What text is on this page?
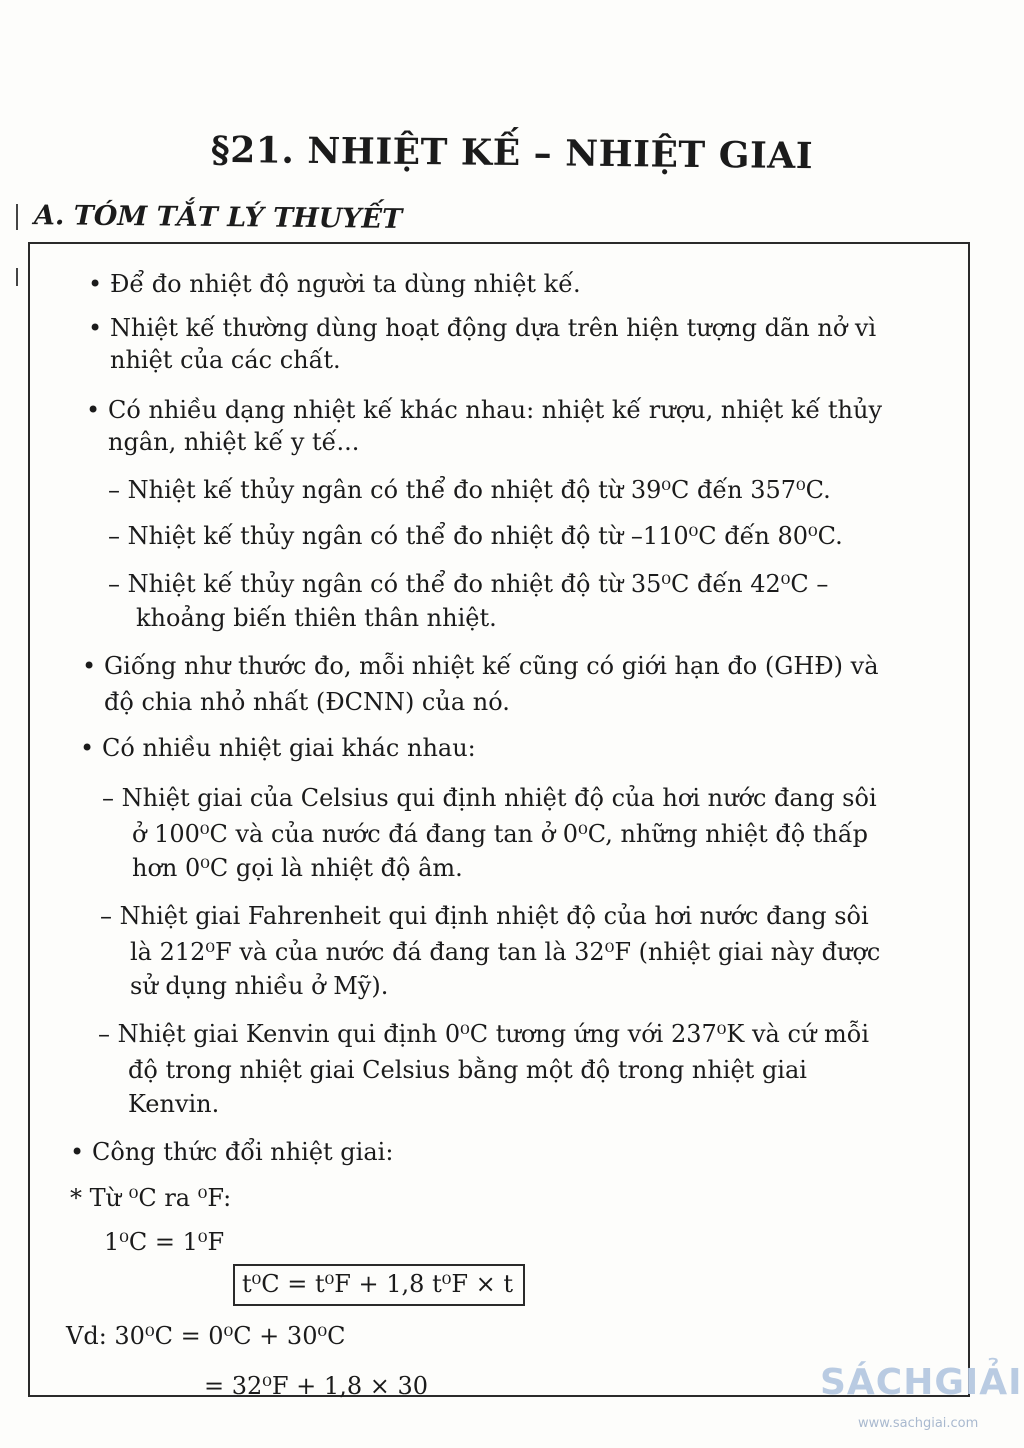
§21. NHIỆT KẾ – NHIỆT GIAI
A. TÓM TẮT LÝ THUYẾT
• Để đo nhiệt độ người ta dùng nhiệt kế.
• Nhiệt kế thường dùng hoạt động dựa trên hiện tượng dãn nở vì
nhiệt của các chất.
• Có nhiều dạng nhiệt kế khác nhau: nhiệt kế rượu, nhiệt kế thủy
ngân, nhiệt kế y tế...
– Nhiệt kế thủy ngân có thể đo nhiệt độ từ 39⁰C đến 357⁰C.
– Nhiệt kế thủy ngân có thể đo nhiệt độ từ –110⁰C đến 80⁰C.
– Nhiệt kế thủy ngân có thể đo nhiệt độ từ 35⁰C đến 42⁰C –
khoảng biến thiên thân nhiệt.
• Giống như thước đo, mỗi nhiệt kế cũng có giới hạn đo (GHĐ) và
độ chia nhỏ nhất (ĐCNN) của nó.
• Có nhiều nhiệt giai khác nhau:
– Nhiệt giai của Celsius qui định nhiệt độ của hơi nước đang sôi
ở 100⁰C và của nước đá đang tan ở 0⁰C, những nhiệt độ thấp
hơn 0⁰C gọi là nhiệt độ âm.
– Nhiệt giai Fahrenheit qui định nhiệt độ của hơi nước đang sôi
là 212⁰F và của nước đá đang tan là 32⁰F (nhiệt giai này được
sử dụng nhiều ở Mỹ).
– Nhiệt giai Kenvin qui định 0⁰C tương ứng với 237⁰K và cứ mỗi
độ trong nhiệt giai Celsius bằng một độ trong nhiệt giai
Kenvin.
• Công thức đổi nhiệt giai:
* Từ ⁰C ra ⁰F:
1⁰C = 1⁰F
t⁰C = t⁰F + 1,8 t⁰F × t
Vd: 30⁰C = 0⁰C + 30⁰C
= 32⁰F + 1,8 × 30	SÁCHGIẢI
www.sachgiai.com
